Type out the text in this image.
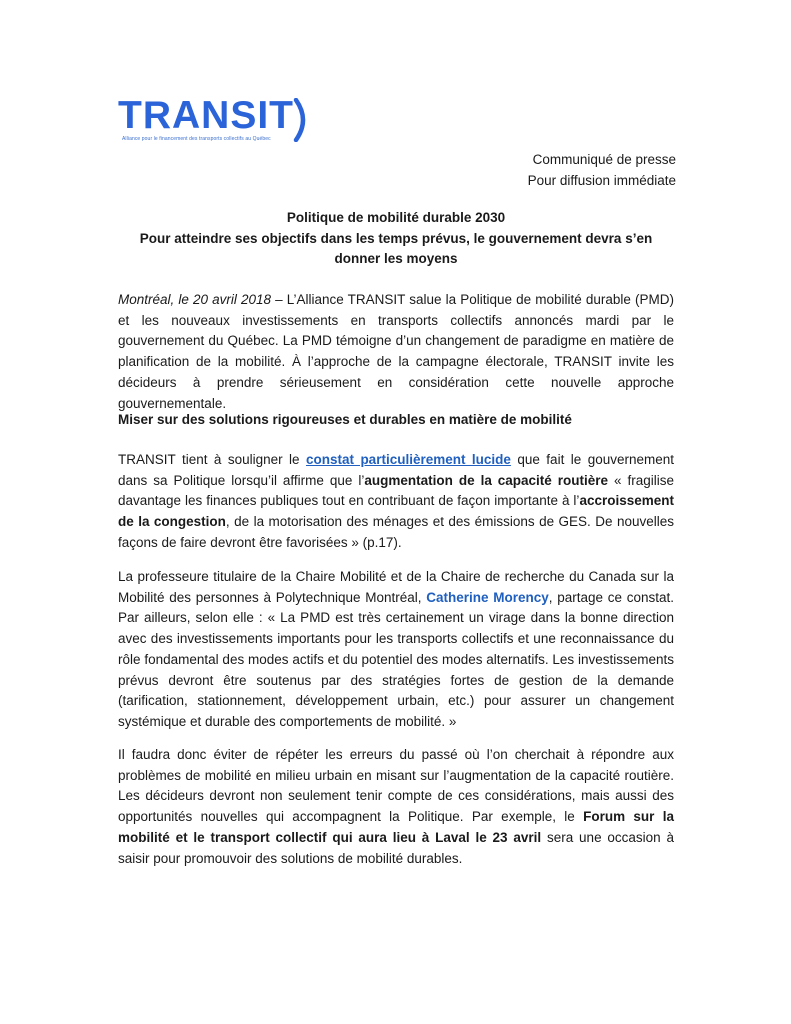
TRANSIT
Alliance pour le financement des transports collectifs au Québec
Communiqué de presse
Pour diffusion immédiate
Politique de mobilité durable 2030
Pour atteindre ses objectifs dans les temps prévus, le gouvernement devra s’en donner les moyens

Montréal, le 20 avril 2018 – L’Alliance TRANSIT salue la Politique de mobilité durable (PMD) et les nouveaux investissements en transports collectifs annoncés mardi par le gouvernement du Québec. La PMD témoigne d’un changement de paradigme en matière de planification de la mobilité. À l’approche de la campagne électorale, TRANSIT invite les décideurs à prendre sérieusement en considération cette nouvelle approche gouvernementale.

Miser sur des solutions rigoureuses et durables en matière de mobilité

TRANSIT tient à souligner le constat particulièrement lucide que fait le gouvernement dans sa Politique lorsqu’il affirme que l’augmentation de la capacité routière « fragilise davantage les finances publiques tout en contribuant de façon importante à l’accroissement de la congestion, de la motorisation des ménages et des émissions de GES. De nouvelles façons de faire devront être favorisées » (p.17).

La professeure titulaire de la Chaire Mobilité et de la Chaire de recherche du Canada sur la Mobilité des personnes à Polytechnique Montréal, Catherine Morency, partage ce constat. Par ailleurs, selon elle : « La PMD est très certainement un virage dans la bonne direction avec des investissements importants pour les transports collectifs et une reconnaissance du rôle fondamental des modes actifs et du potentiel des modes alternatifs. Les investissements prévus devront être soutenus par des stratégies fortes de gestion de la demande (tarification, stationnement, développement urbain, etc.) pour assurer un changement systémique et durable des comportements de mobilité. »

Il faudra donc éviter de répéter les erreurs du passé où l’on cherchait à répondre aux problèmes de mobilité en milieu urbain en misant sur l’augmentation de la capacité routière. Les décideurs devront non seulement tenir compte de ces considérations, mais aussi des opportunités nouvelles qui accompagnent la Politique. Par exemple, le Forum sur la mobilité et le transport collectif qui aura lieu à Laval le 23 avril sera une occasion à saisir pour promouvoir des solutions de mobilité durables.
